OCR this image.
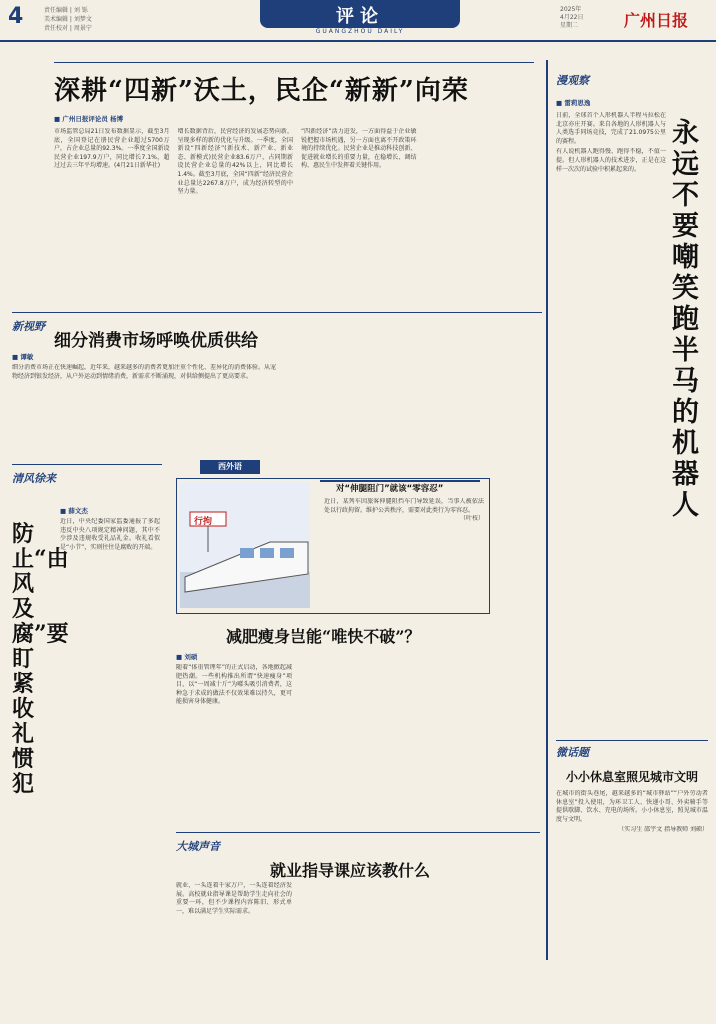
4	责任编辑 | 刘 铄
美术编辑 | 刘梦文
责任校对 | 周景宁
评论
GUANGZHOU DAILY
2025年
4月22日
星期二	广州日报
深耕“四新”沃土，民企“新新”向荣
■ 广州日报评论员 杨博

市场监管总局21日发布数据显示，截至3月底，全国登记在册民营企业超过5700万户，占企业总量的92.3%。一季度全国新设民营企业197.9万户，同比增长7.1%，超过过去三年平均增速。(4月21日新华社)

增长数据背后，民营经济的发展态势向新，呈现多样的新的优化与升级。一季度，全国新设“四新经济”(新技术、新产业、新业态、新模式)民营企业83.6万户，占同期新设民营企业总量的42%以上，同比增长1.4%。截至3月底，全国“四新”经济民营企业总量达2267.8万户，成为经济转型的中坚力量。

“四新经济”活力迸发，一方面得益于企业敏锐把握市场机遇，另一方面也离不开政策环境的持续优化。民营企业是推动科技创新、促进就业增长的重要力量，在稳增长、调结构、惠民生中发挥着关键作用。

漫观察
■ 雷莉思逸
永远不要嘲笑跑半马的机器人

日前，全球首个人形机器人半程马拉松在北京亦庄开赛。来自各地的人形机器人与人类选手同场竞技，完成了21.0975公里的赛程。

有人说机器人跑得慢、跑得不稳，不值一提。但人形机器人的技术进步，正是在这样一次次的试验中积累起来的。

新视野
细分消费市场呼唤优质供给
■ 谭敏

细分消费市场正在快速崛起，近年来，越来越多的消费者更加注重个性化、差异化的消费体验。从宠物经济到银发经济，从户外运动到情绪消费，新需求不断涌现，对供给侧提出了更高要求。

清风徐来
■ 薛文杰
防止“由风及腐”要盯紧收礼惯犯

近日，中央纪委国家监委通报了多起违反中央八项规定精神问题，其中不少涉及违规收受礼品礼金。收礼看似是“小节”，实则往往是腐败的开端。

西外语
行拘
对“伸腿阻门”就该“零容忍”

近日，某列车因旅客伸腿阻挡车门导致延误，当事人被依法处以行政拘留。维护公共秩序，需要对此类行为零容忍。

（叶枝）

减肥瘦身岂能“唯快不破”？
■ 刘硕

随着“体重管理年”的正式启动，各地掀起减肥热潮。一些机构推出所谓“快速瘦身”项目，以“一周减十斤”为噱头吸引消费者，这种急于求成的做法不仅效果难以持久，更可能损害身体健康。

大城声音
就业指导课应该教什么

就业，一头连着千家万户，一头连着经济发展。高校就业指导课是帮助学生走向社会的重要一环，但不少课程内容陈旧、形式单一，难以满足学生实际需求。

微话题
小小休息室照见城市文明

在城市的街头巷尾，越来越多的“城市驿站”“户外劳动者休息室”投入使用，为环卫工人、快递小哥、外卖骑手等提供歇脚、饮水、充电的场所。小小休息室，照见城市温度与文明。

（实习生 邵宇文 指导教师 刘硕）
